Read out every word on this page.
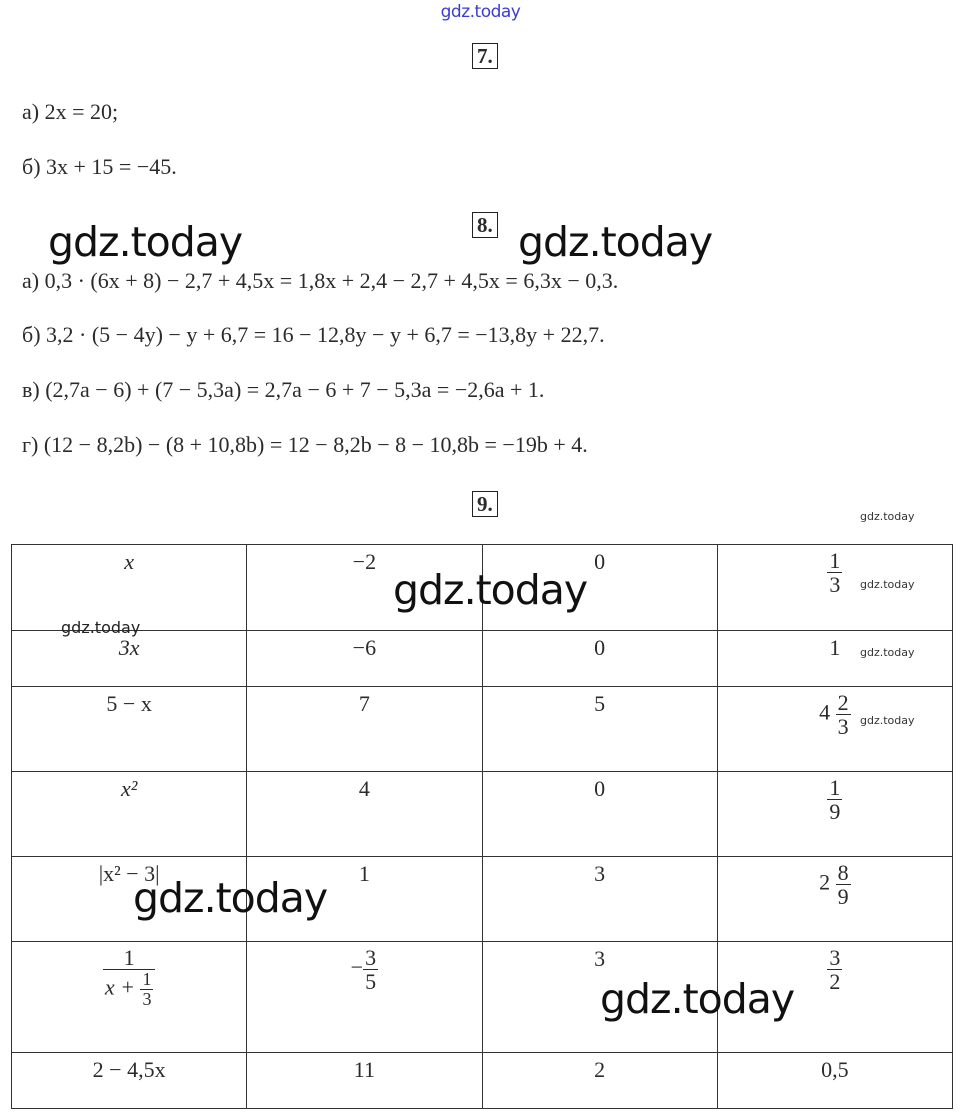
gdz.today
7.
а) 2x = 20;
б) 3x + 15 = −45.
8.
gdz.today	gdz.today
а) 0,3 · (6x + 8) − 2,7 + 4,5x = 1,8x + 2,4 − 2,7 + 4,5x = 6,3x − 0,3.
б) 3,2 · (5 − 4y) − y + 6,7 = 16 − 12,8y − y + 6,7 = −13,8y + 22,7.
в) (2,7a − 6) + (7 − 5,3a) = 2,7a − 6 + 7 − 5,3a = −2,6a + 1.
г) (12 − 8,2b) − (8 + 10,8b) = 12 − 8,2b − 8 − 10,8b = −19b + 4.
9.
gdz.today
x	−2	0	$\frac{1}{3}$

3x	−6	0	1
5 − x	7	5	$4 \frac{2}{3}$

x²	4	0	$\frac{1}{9}$

|x² − 3|	1	3	$2 \frac{8}{9}$

$\frac{1}{x + \frac{1}{3}}$	− $\frac{3}{5}$	3	$\frac{3}{2}$

2 − 4,5x	11	2	0,5
gdz.today	gdz.today
gdz.today
gdz.today
gdz.today
gdz.today
gdz.today
